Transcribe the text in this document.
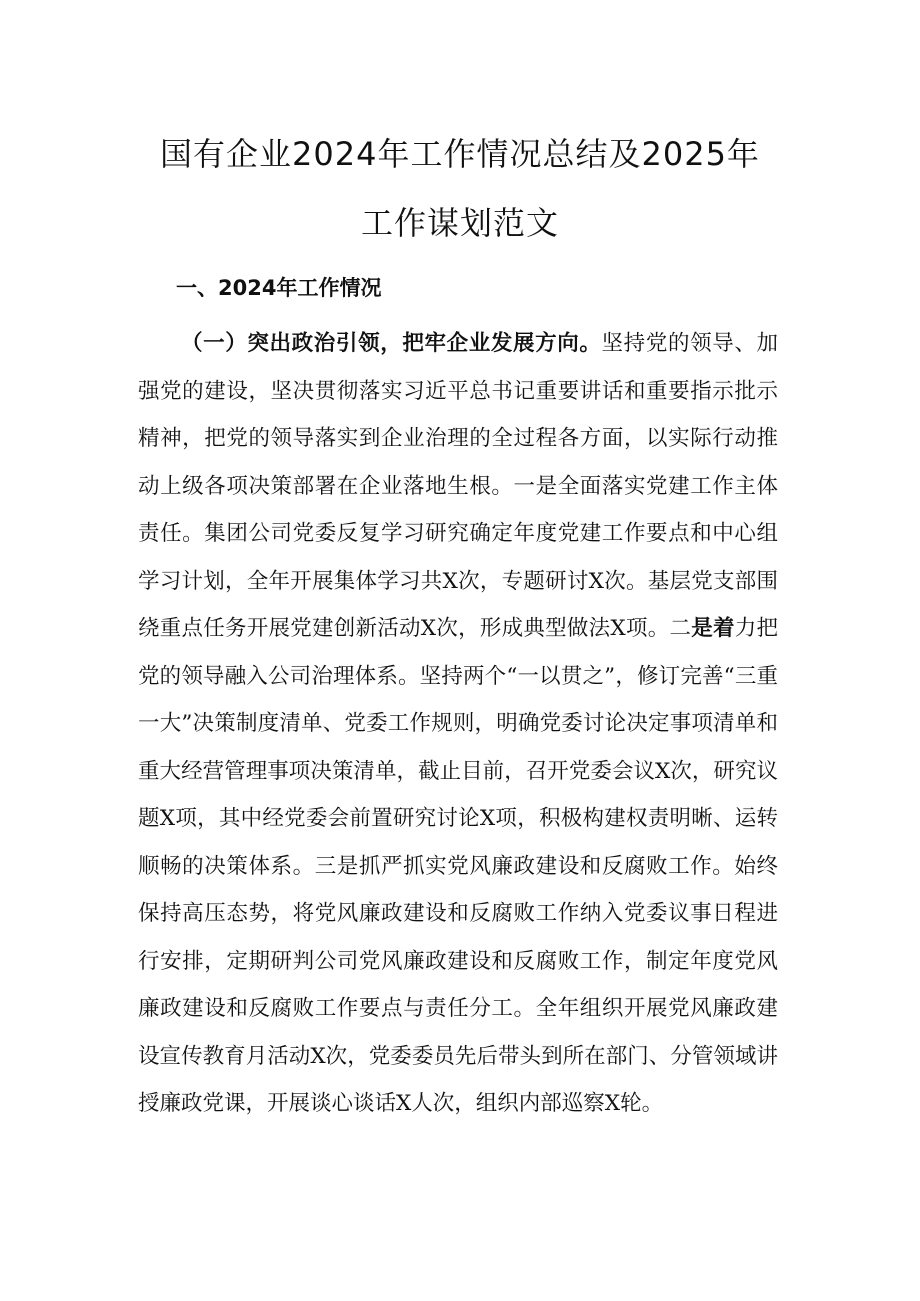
国有企业2024年工作情况总结及2025年
工作谋划范文
一、2024年工作情况

（一）突出政治引领，把牢企业发展方向。坚持党的领导、加强党的建设，坚决贯彻落实习近平总书记重要讲话和重要指示批示精神，把党的领导落实到企业治理的全过程各方面，以实际行动推动上级各项决策部署在企业落地生根。一是全面落实党建工作主体责任。集团公司党委反复学习研究确定年度党建工作要点和中心组学习计划，全年开展集体学习共X次，专题研讨X次。基层党支部围绕重点任务开展党建创新活动X次，形成典型做法X项。二是着力把党的领导融入公司治理体系。坚持两个“一以贯之”，修订完善“三重一大”决策制度清单、党委工作规则，明确党委讨论决定事项清单和重大经营管理事项决策清单，截止目前，召开党委会议X次，研究议题X项，其中经党委会前置研究讨论X项，积极构建权责明晰、运转顺畅的决策体系。三是抓严抓实党风廉政建设和反腐败工作。始终保持高压态势，将党风廉政建设和反腐败工作纳入党委议事日程进行安排，定期研判公司党风廉政建设和反腐败工作，制定年度党风廉政建设和反腐败工作要点与责任分工。全年组织开展党风廉政建设宣传教育月活动X次，党委委员先后带头到所在部门、分管领域讲授廉政党课，开展谈心谈话X人次，组织内部巡察X轮。
